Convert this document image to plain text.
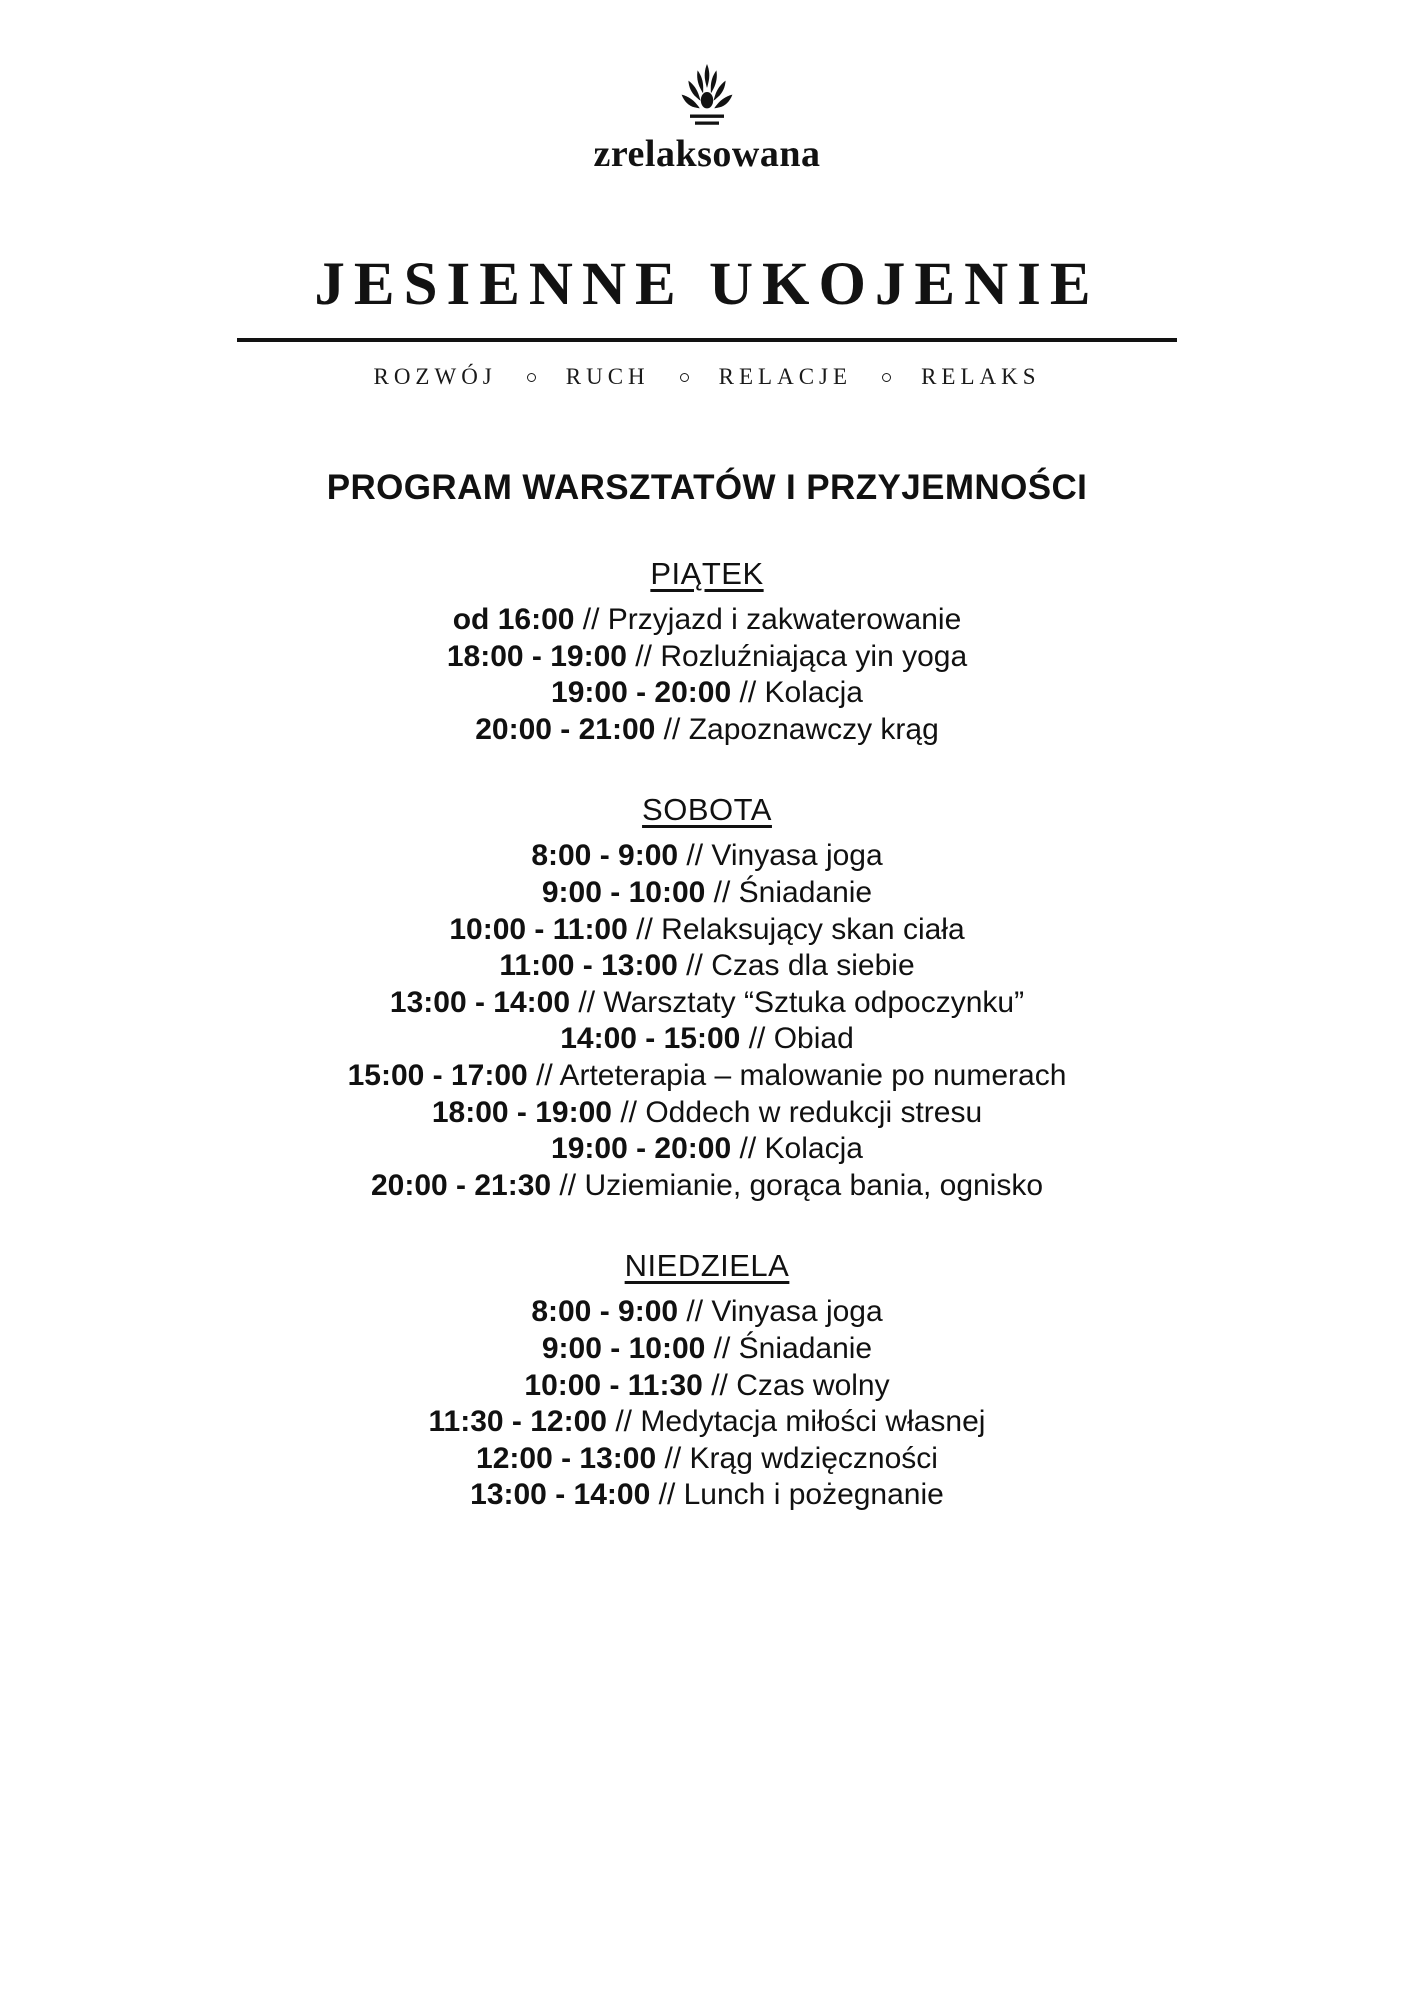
zrelaksowana
JESIENNE UKOJENIE
ROZWÓJ	RUCH	RELACJE	RELAKS
PROGRAM WARSZTATÓW I PRZYJEMNOŚCI
PIĄTEK
od 16:00 // Przyjazd i zakwaterowanie
18:00 - 19:00 // Rozluźniająca yin yoga
19:00 - 20:00 // Kolacja
20:00 - 21:00 // Zapoznawczy krąg
SOBOTA
8:00 - 9:00 // Vinyasa joga
9:00 - 10:00 // Śniadanie
10:00 - 11:00 // Relaksujący skan ciała
11:00 - 13:00 // Czas dla siebie
13:00 - 14:00 // Warsztaty “Sztuka odpoczynku”
14:00 - 15:00 // Obiad
15:00 - 17:00 // Arteterapia – malowanie po numerach
18:00 - 19:00 // Oddech w redukcji stresu
19:00 - 20:00 // Kolacja
20:00 - 21:30 // Uziemianie, gorąca bania, ognisko
NIEDZIELA
8:00 - 9:00 // Vinyasa joga
9:00 - 10:00 // Śniadanie
10:00 - 11:30 // Czas wolny
11:30 - 12:00 // Medytacja miłości własnej
12:00 - 13:00 // Krąg wdzięczności
13:00 - 14:00 // Lunch i pożegnanie
